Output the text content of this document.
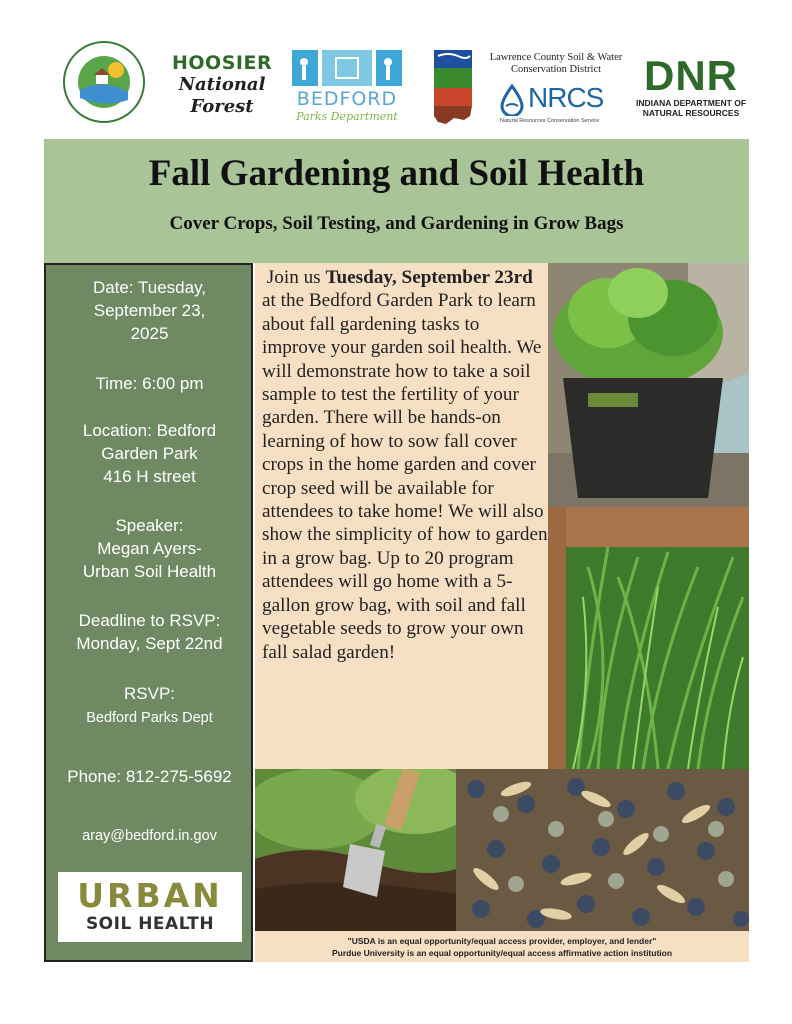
HOOSIER
National
Forest	BEDFORD
Parks Department
Lawrence County Soil & Water
Conservation District
NRCS
Natural Resources Conservation Service
DNR
INDIANA DEPARTMENT OF
NATURAL RESOURCES
Fall Gardening and Soil Health
Cover Crops, Soil Testing, and Gardening in Grow Bags
Date: Tuesday,
September 23,
2025
Time: 6:00 pm
Location: Bedford
Garden Park
416 H street
Speaker:
Megan Ayers-
Urban Soil Health
Deadline to RSVP:
Monday, Sept 22nd
RSVP:
Bedford Parks Dept
Phone: 812-275-5692
aray@bedford.in.gov
URBAN
SOIL HEALTH
Join us Tuesday, September 23rd at the Bedford Garden Park to learn about fall gardening tasks to improve your garden soil health. We will demonstrate how to take a soil sample to test the fertility of your garden. There will be hands-on learning of how to sow fall cover crops in the home garden and cover crop seed will be available for attendees to take home! We will also show the simplicity of how to garden in a grow bag. Up to 20 program attendees will go home with a 5-gallon grow bag, with soil and fall vegetable seeds to grow your own fall salad garden!
"USDA is an equal opportunity/equal access provider, employer, and lender"
Purdue University is an equal opportunity/equal access affirmative action institution
